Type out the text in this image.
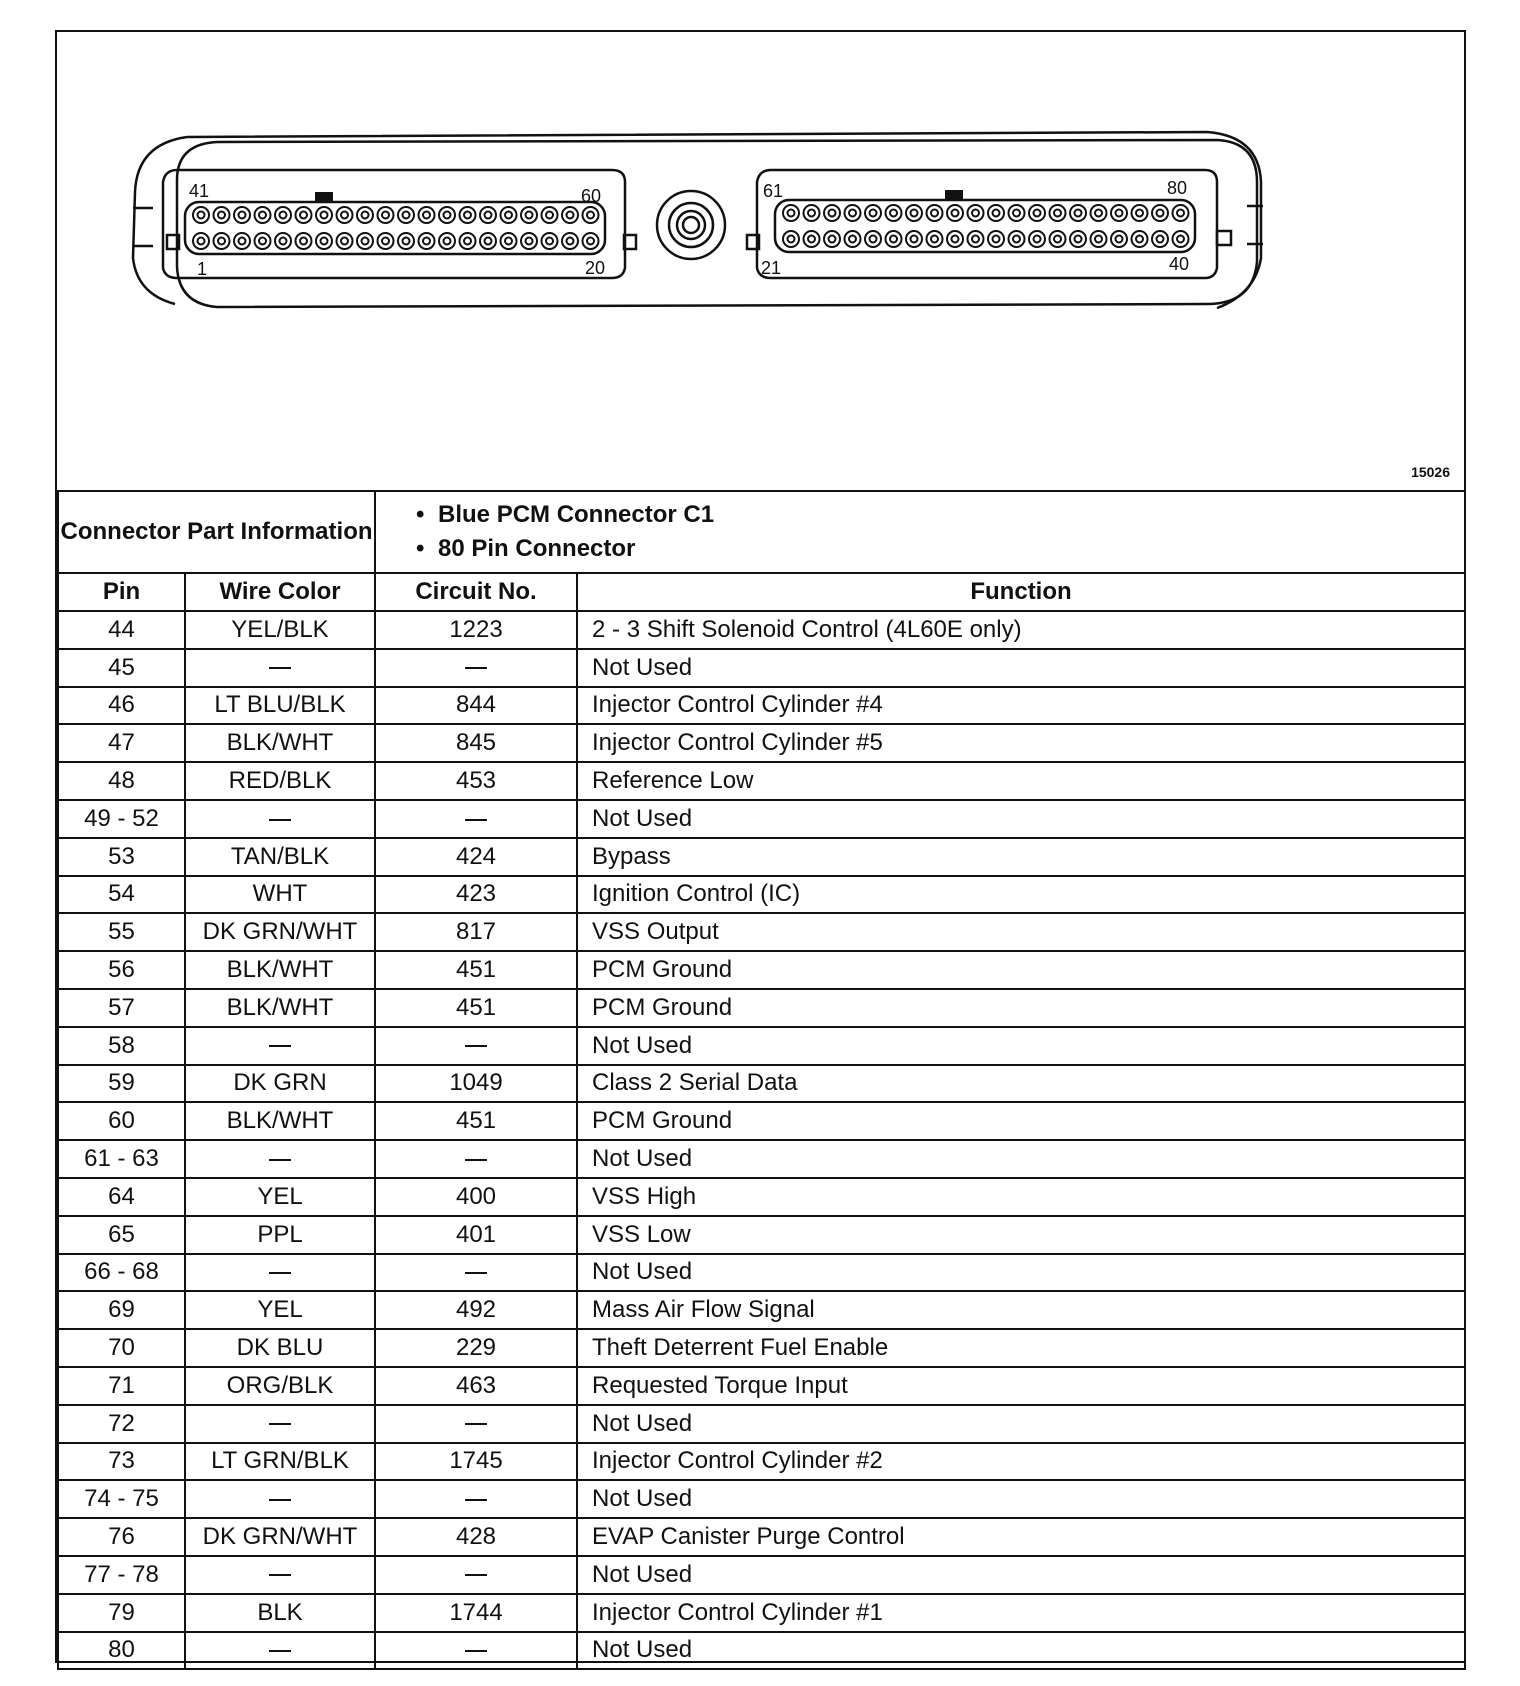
41	60
1	20
61	80
21	40
15026
Connector Part Information		• Blue PCM Connector C1
• 80 Pin Connector

Pin	Wire Color	Circuit No.	Function
44	YEL/BLK	1223	2 - 3 Shift Solenoid Control (4L60E only)
45			Not Used
46	LT BLU/BLK	844	Injector Control Cylinder #4
47	BLK/WHT	845	Injector Control Cylinder #5
48	RED/BLK	453	Reference Low
49 - 52			Not Used
53	TAN/BLK	424	Bypass
54	WHT	423	Ignition Control (IC)
55	DK GRN/WHT	817	VSS Output
56	BLK/WHT	451	PCM Ground
57	BLK/WHT	451	PCM Ground
58			Not Used
59	DK GRN	1049	Class 2 Serial Data
60	BLK/WHT	451	PCM Ground
61 - 63			Not Used
64	YEL	400	VSS High
65	PPL	401	VSS Low
66 - 68			Not Used
69	YEL	492	Mass Air Flow Signal
70	DK BLU	229	Theft Deterrent Fuel Enable
71	ORG/BLK	463	Requested Torque Input
72			Not Used
73	LT GRN/BLK	1745	Injector Control Cylinder #2
74 - 75			Not Used
76	DK GRN/WHT	428	EVAP Canister Purge Control
77 - 78			Not Used
79	BLK	1744	Injector Control Cylinder #1
80			Not Used
